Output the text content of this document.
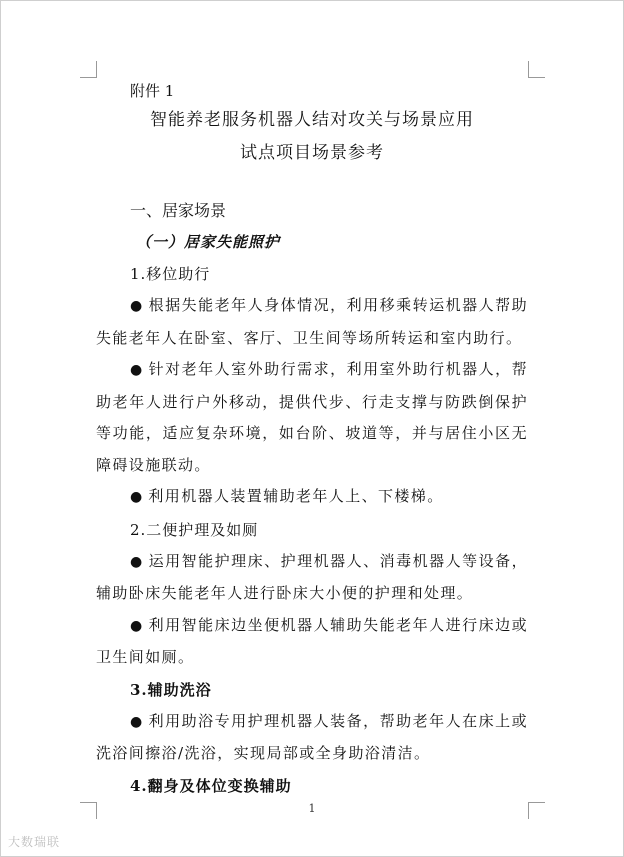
附件 1

智能养老服务机器人结对攻关与场景应用

试点项目场景参考

一、居家场景

（一）居家失能照护

1.移位助行

● 根据失能老年人身体情况，利用移乘转运机器人帮助失能老年人在卧室、客厅、卫生间等场所转运和室内助行。

● 针对老年人室外助行需求，利用室外助行机器人，帮助老年人进行户外移动，提供代步、行走支撑与防跌倒保护等功能，适应复杂环境，如台阶、坡道等，并与居住小区无障碍设施联动。

● 利用机器人装置辅助老年人上、下楼梯。

2.二便护理及如厕

● 运用智能护理床、护理机器人、消毒机器人等设备，辅助卧床失能老年人进行卧床大小便的护理和处理。

● 利用智能床边坐便机器人辅助失能老年人进行床边或卫生间如厕。

3.辅助洗浴

● 利用助浴专用护理机器人装备，帮助老年人在床上或洗浴间擦浴/洗浴，实现局部或全身助浴清洁。

4.翻身及体位变换辅助

1
大数瑞联
